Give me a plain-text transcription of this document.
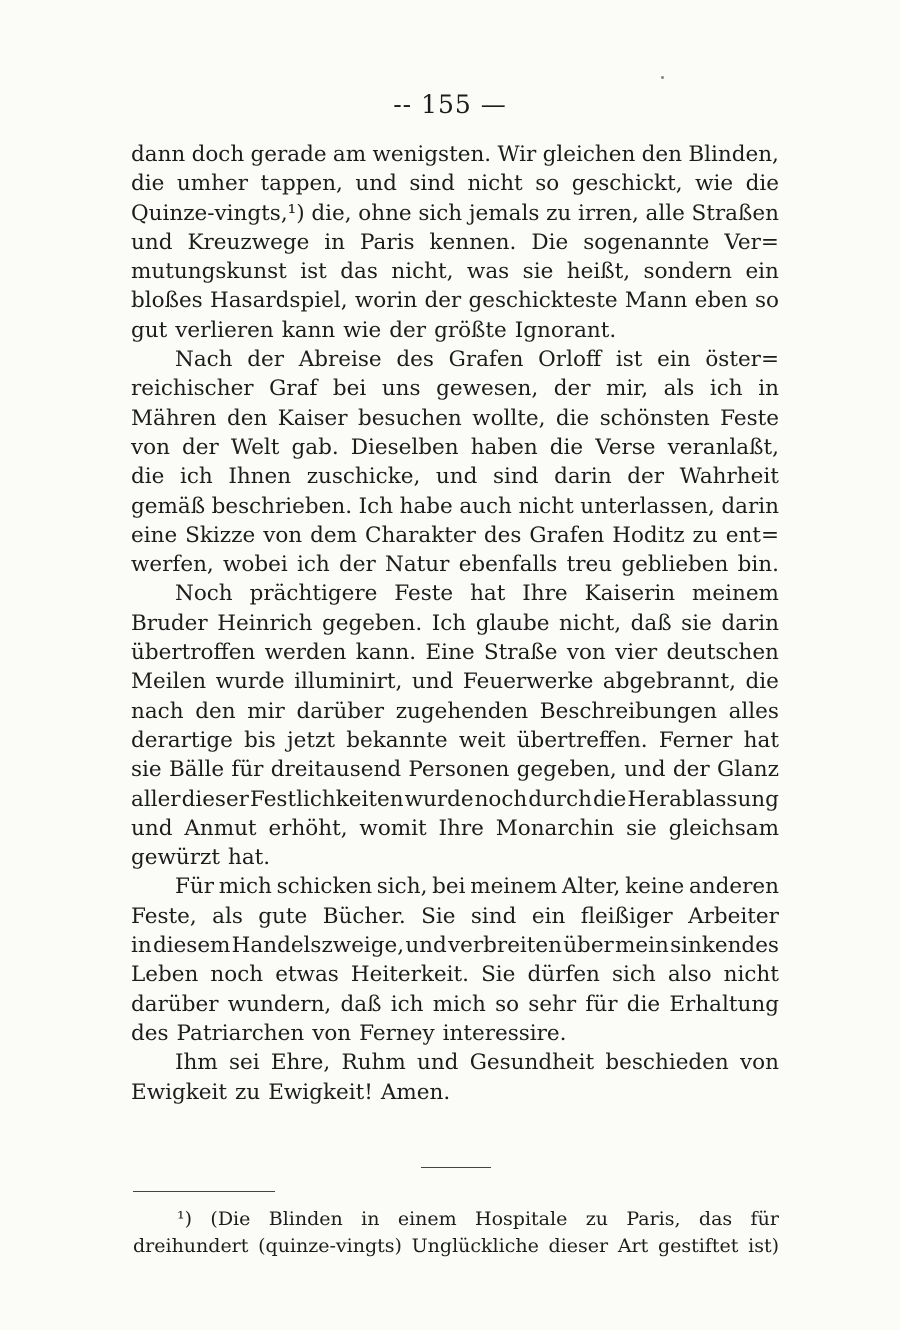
-- 155 —
dann doch gerade am wenigsten. Wir gleichen den Blinden,
die umher tappen, und sind nicht so geschickt, wie die
Quinze-vingts,¹) die, ohne sich jemals zu irren, alle Straßen
und Kreuzwege in Paris kennen. Die sogenannte Ver=
mutungskunst ist das nicht, was sie heißt, sondern ein
bloßes Hasardspiel, worin der geschickteste Mann eben so
gut verlieren kann wie der größte Ignorant.
Nach der Abreise des Grafen Orloff ist ein öster=
reichischer Graf bei uns gewesen, der mir, als ich in
Mähren den Kaiser besuchen wollte, die schönsten Feste
von der Welt gab. Dieselben haben die Verse veranlaßt,
die ich Ihnen zuschicke, und sind darin der Wahrheit
gemäß beschrieben. Ich habe auch nicht unterlassen, darin
eine Skizze von dem Charakter des Grafen Hoditz zu ent=
werfen, wobei ich der Natur ebenfalls treu geblieben bin.
Noch prächtigere Feste hat Ihre Kaiserin meinem
Bruder Heinrich gegeben. Ich glaube nicht, daß sie darin
übertroffen werden kann. Eine Straße von vier deutschen
Meilen wurde illuminirt, und Feuerwerke abgebrannt, die
nach den mir darüber zugehenden Beschreibungen alles
derartige bis jetzt bekannte weit übertreffen. Ferner hat
sie Bälle für dreitausend Personen gegeben, und der Glanz
aller dieser Festlichkeiten wurde noch durch die Herablassung
und Anmut erhöht, womit Ihre Monarchin sie gleichsam
gewürzt hat.
Für mich schicken sich, bei meinem Alter, keine anderen
Feste, als gute Bücher. Sie sind ein fleißiger Arbeiter
in diesem Handelszweige, und verbreiten über mein sinkendes
Leben noch etwas Heiterkeit. Sie dürfen sich also nicht
darüber wundern, daß ich mich so sehr für die Erhaltung
des Patriarchen von Ferney interessire.
Ihm sei Ehre, Ruhm und Gesundheit beschieden von
Ewigkeit zu Ewigkeit! Amen.
¹) (Die Blinden in einem Hospitale zu Paris, das für
dreihundert (quinze-vingts) Unglückliche dieser Art gestiftet ist)
